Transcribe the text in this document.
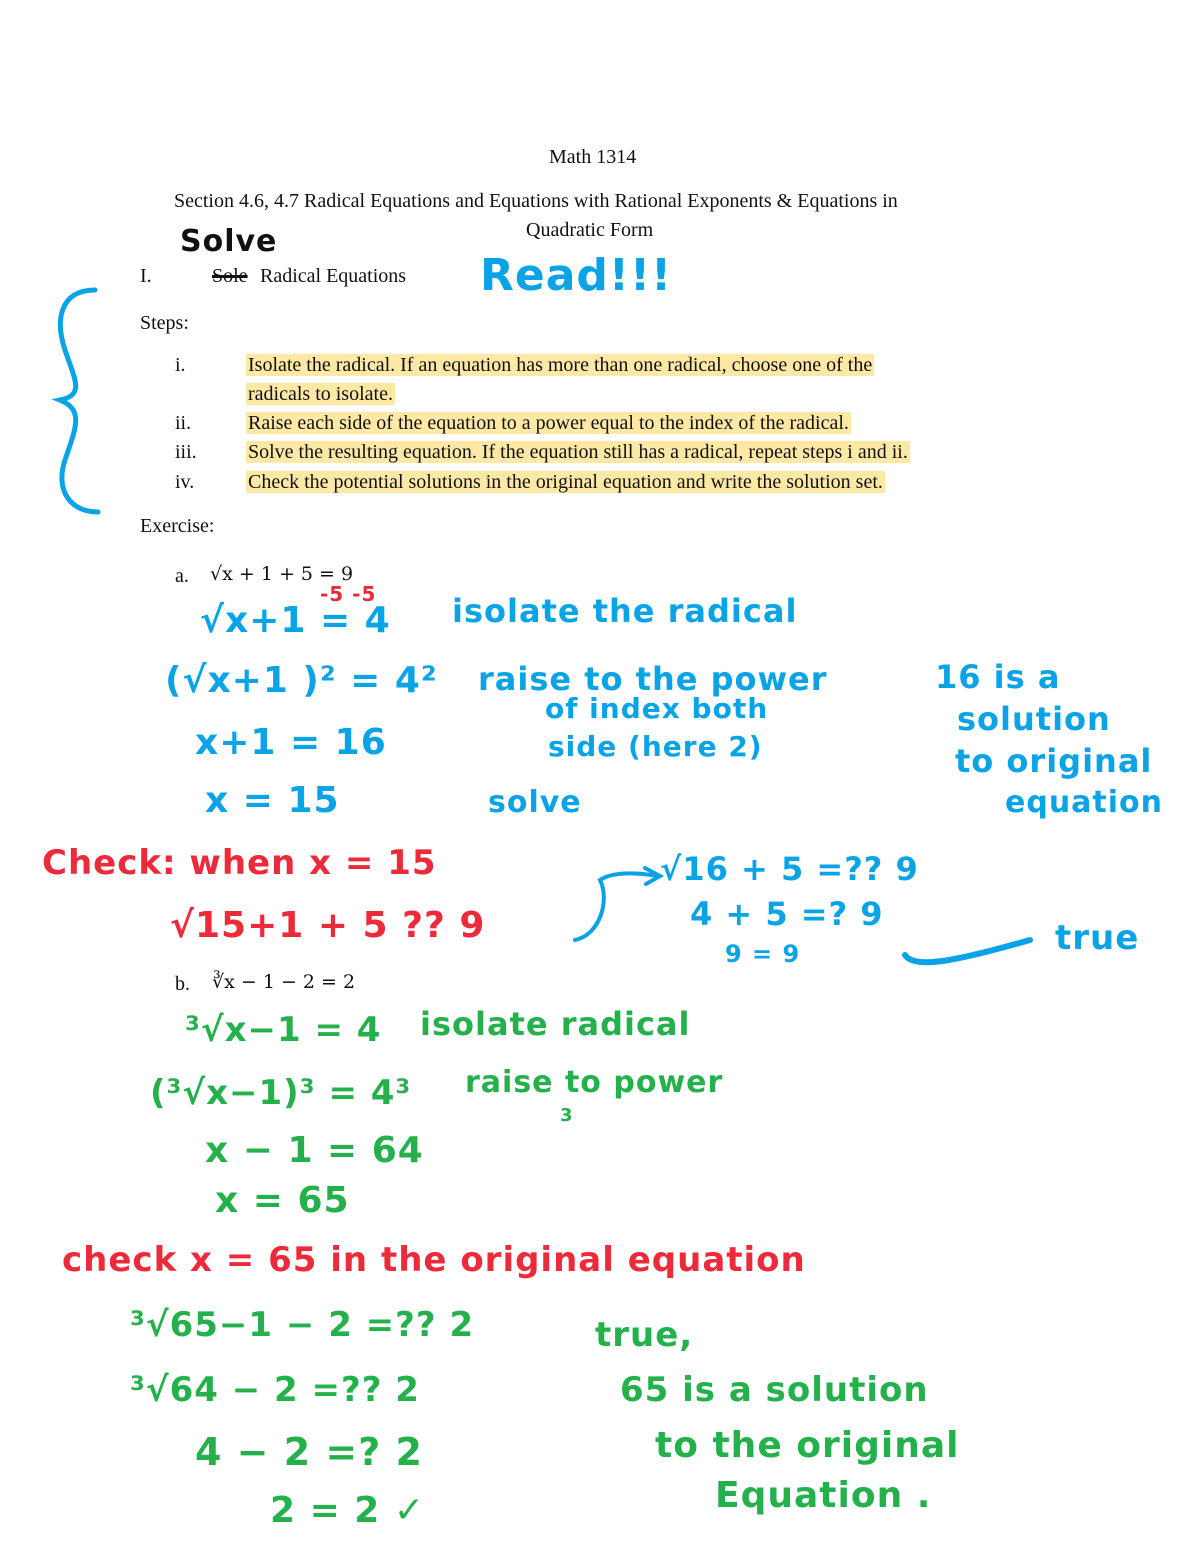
Math 1314
Section 4.6, 4.7 Radical Equations and Equations with Rational Exponents & Equations in
Quadratic Form
Solve
I.	Sole Radical Equations Read!!!
Steps:
i.	Isolate the radical. If an equation has more than one radical, choose one of the
radicals to isolate.
ii.	Raise each side of the equation to a power equal to the index of the radical.
iii.	Solve the resulting equation. If the equation still has a radical, repeat steps i and ii.
iv.	Check the potential solutions in the original equation and write the solution set.
Exercise:
a. √x + 1 + 5 = 9
-5 -5
√x+1 = 4 isolate the radical
(√x+1 )² = 4² raise to the power
x+1 = 16
of index both
side (here 2)
x = 15	solve
16 is a
solution
to original
equation
Check: when x = 15
√15+1 + 5 ?? 9
√16 + 5 =?? 9
4 + 5 =? 9
9 = 9	true
b. ∛x − 1 − 2 = 2
³√x−1 = 4 isolate radical
(³√x−1)³ = 4³ raise to power
3
x − 1 = 64
x = 65
check x = 65 in the original equation
³√65−1 − 2 =?? 2
³√64 − 2 =?? 2
4 − 2 =? 2
2 = 2 ✓
true,
65 is a solution
to the original
Equation .
